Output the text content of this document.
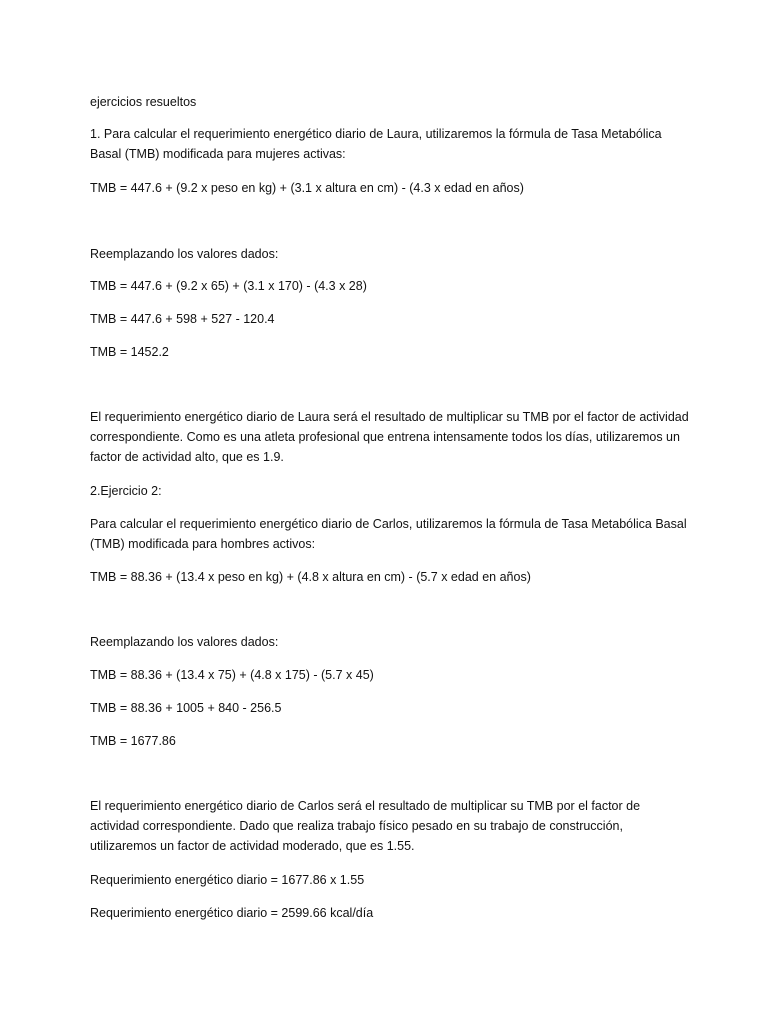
ejercicios resueltos
1. Para calcular el requerimiento energético diario de Laura, utilizaremos la fórmula de Tasa Metabólica Basal (TMB) modificada para mujeres activas:
TMB = 447.6 + (9.2 x peso en kg) + (3.1 x altura en cm) - (4.3 x edad en años)
Reemplazando los valores dados:
TMB = 447.6 + (9.2 x 65) + (3.1 x 170) - (4.3 x 28)
TMB = 447.6 + 598 + 527 - 120.4
TMB = 1452.2
El requerimiento energético diario de Laura será el resultado de multiplicar su TMB por el factor de actividad correspondiente. Como es una atleta profesional que entrena intensamente todos los días, utilizaremos un factor de actividad alto, que es 1.9.
2.Ejercicio 2:
Para calcular el requerimiento energético diario de Carlos, utilizaremos la fórmula de Tasa Metabólica Basal (TMB) modificada para hombres activos:
TMB = 88.36 + (13.4 x peso en kg) + (4.8 x altura en cm) - (5.7 x edad en años)
Reemplazando los valores dados:
TMB = 88.36 + (13.4 x 75) + (4.8 x 175) - (5.7 x 45)
TMB = 88.36 + 1005 + 840 - 256.5
TMB = 1677.86
El requerimiento energético diario de Carlos será el resultado de multiplicar su TMB por el factor de actividad correspondiente. Dado que realiza trabajo físico pesado en su trabajo de construcción, utilizaremos un factor de actividad moderado, que es 1.55.
Requerimiento energético diario = 1677.86 x 1.55
Requerimiento energético diario = 2599.66 kcal/día
